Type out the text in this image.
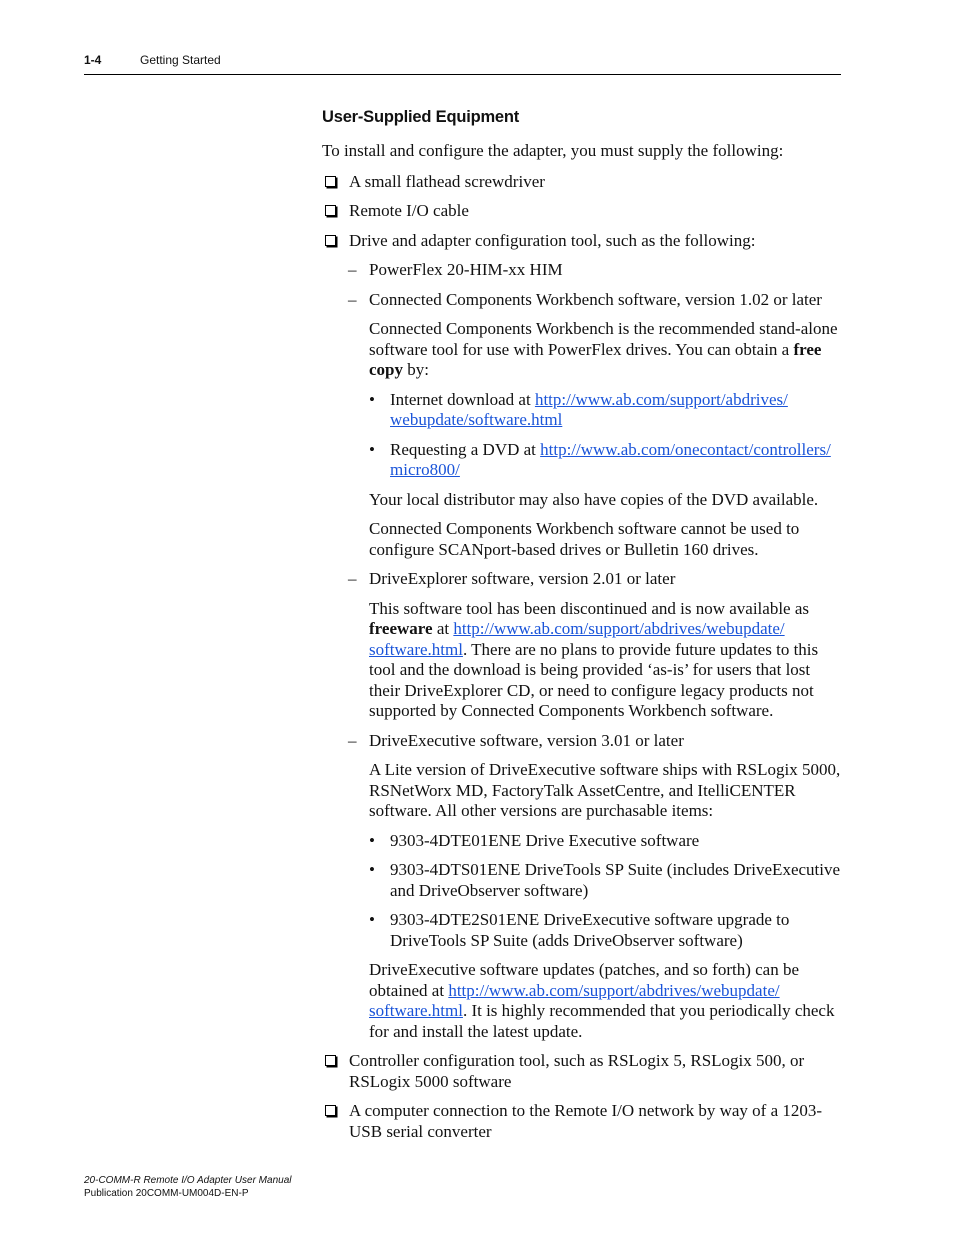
1-4	Getting Started
User-Supplied Equipment

To install and configure the adapter, you must supply the following:

A small flathead screwdriver
Remote I/O cable
Drive and adapter configuration tool, such as the following:
– PowerFlex 20-HIM-xx HIM
– Connected Components Workbench software, version 1.02 or later

Connected Components Workbench is the recommended stand-alone software tool for use with PowerFlex drives. You can obtain a free copy by:

• Internet download at http://www.ab.com/support/abdrives/
webupdate/software.html
• Requesting a DVD at http://www.ab.com/onecontact/controllers/
micro800/

Your local distributor may also have copies of the DVD available.

Connected Components Workbench software cannot be used to configure SCANport-based drives or Bulletin 160 drives.

– DriveExplorer software, version 2.01 or later

This software tool has been discontinued and is now available as freeware at http://www.ab.com/support/abdrives/webupdate/
software.html. There are no plans to provide future updates to this tool and the download is being provided ‘as-is’ for users that lost their DriveExplorer CD, or need to configure legacy products not supported by Connected Components Workbench software.

– DriveExecutive software, version 3.01 or later

A Lite version of DriveExecutive software ships with RSLogix 5000, RSNetWorx MD, FactoryTalk AssetCentre, and ItelliCENTER software. All other versions are purchasable items:

• 9303-4DTE01ENE Drive Executive software
• 9303-4DTS01ENE DriveTools SP Suite (includes DriveExecutive and DriveObserver software)
• 9303-4DTE2S01ENE DriveExecutive software upgrade to DriveTools SP Suite (adds DriveObserver software)

DriveExecutive software updates (patches, and so forth) can be obtained at http://www.ab.com/support/abdrives/webupdate/
software.html. It is highly recommended that you periodically check for and install the latest update.

Controller configuration tool, such as RSLogix 5, RSLogix 500, or RSLogix 5000 software
A computer connection to the Remote I/O network by way of a 1203-USB serial converter
20-COMM-R Remote I/O Adapter User Manual
Publication 20COMM-UM004D-EN-P
